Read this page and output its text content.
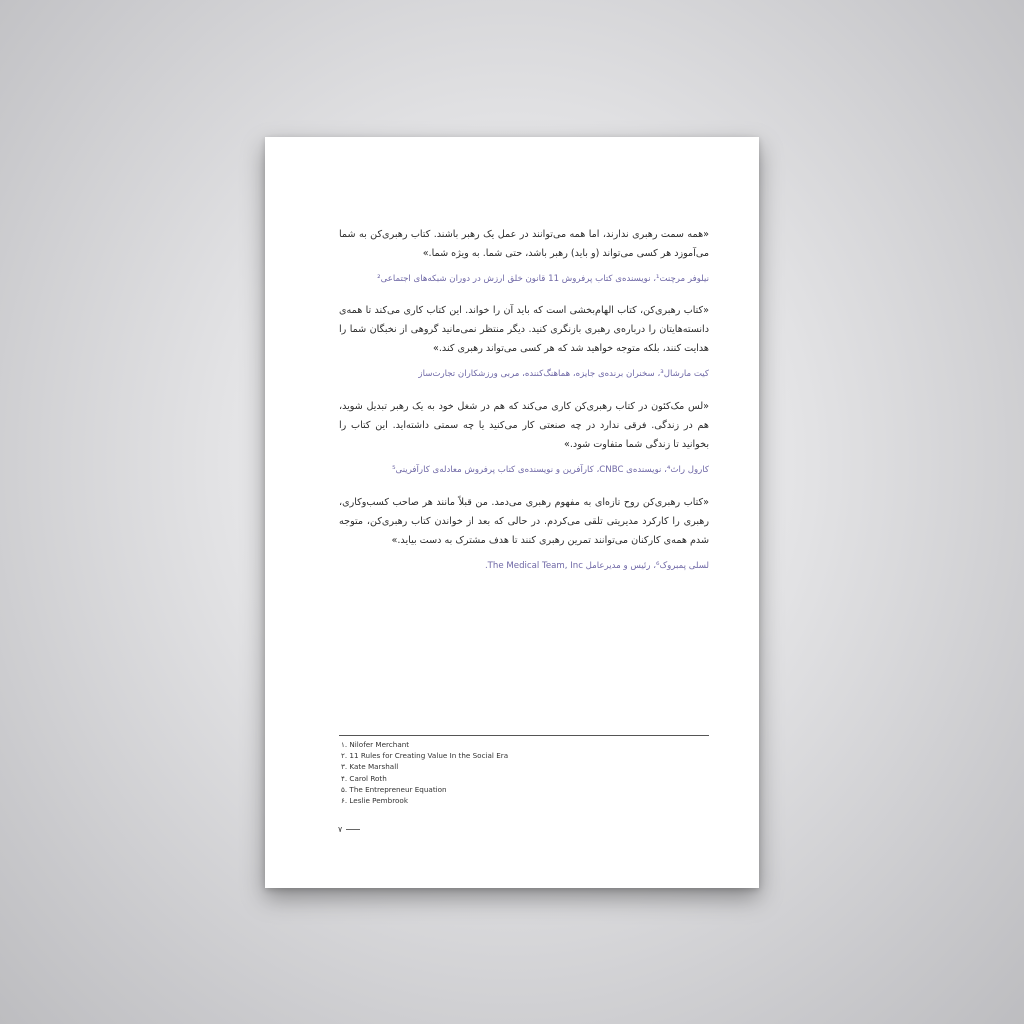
«همه سمت رهبری ندارند، اما همه می‌توانند در عمل یک رهبر باشند. کتاب رهبری‌کن به شما می‌آموزد هر کسی می‌تواند (و باید) رهبر باشد، حتی شما. به ویژه شما.»

نیلوفر مرچنت¹، نویسنده‌ی کتاب پرفروش 11 قانون خلق ارزش در دوران شبکه‌های اجتماعی²

«کتاب رهبری‌کن، کتاب الهام‌بخشی است که باید آن را خواند. این کتاب کاری می‌کند تا همه‌ی دانسته‌هایتان را درباره‌ی رهبری بازنگری کنید. دیگر منتظر نمی‌مانید گروهی از نخبگان شما را هدایت کنند، بلکه متوجه خواهید شد که هر کسی می‌تواند رهبری کند.»

کیت مارشال³، سخنران برنده‌ی جایزه، هماهنگ‌کننده، مربی ورزشکاران تجارت‌ساز

«لس مک‌کئون در کتاب رهبری‌کن کاری می‌کند که هم در شغل خود به یک رهبر تبدیل شوید، هم در زندگی. فرقی ندارد در چه صنعتی کار می‌کنید یا چه سمتی داشته‌اید. این کتاب را بخوانید تا زندگی شما متفاوت شود.»

کارول راث⁴، نویسنده‌ی CNBC، کارآفرین و نویسنده‌ی کتاب پرفروش معادله‌ی کارآفرینی⁵

«کتاب رهبری‌کن روح تازه‌ای به مفهوم رهبری می‌دمد. من قبلاً مانند هر صاحب کسب‌وکاری، رهبری را کارکرد مدیریتی تلقی می‌کردم. در حالی که بعد از خواندن کتاب رهبری‌کن، متوجه شدم همه‌ی کارکنان می‌توانند تمرین رهبری کنند تا هدف مشترک به دست بیاید.»

لسلی پمبروک⁶، رئیس و مدیرعامل The Medical Team, Inc.

۱. Nilofer Merchant
۲. 11 Rules for Creating Value In the Social Era
۳. Kate Marshall
۴. Carol Roth
۵. The Entrepreneur Equation
۶. Leslie Pembrook
۷
